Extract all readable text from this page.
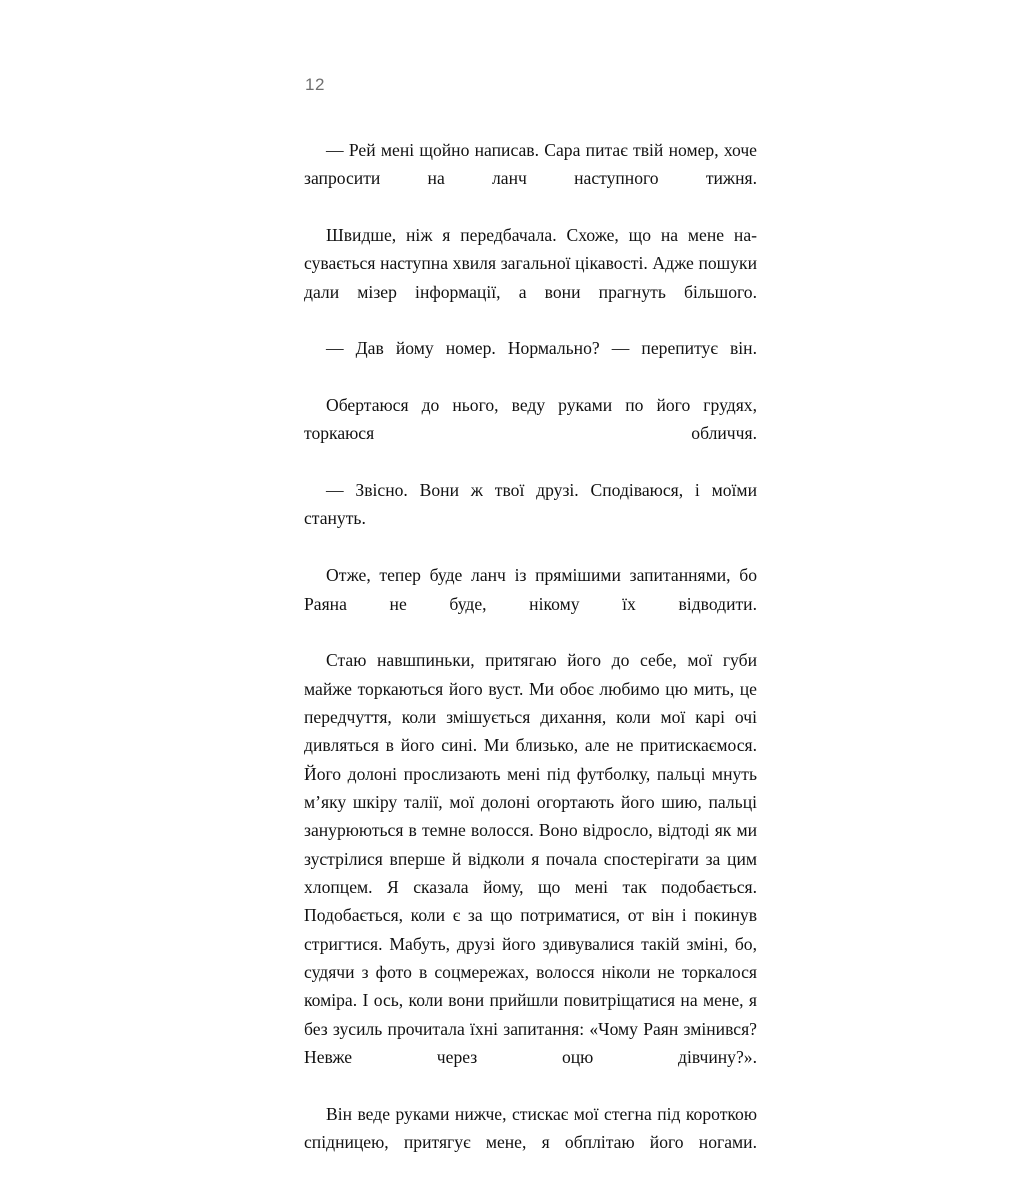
12

— Рей мені щойно написав. Сара питає твій номер, хоче запросити на ланч наступного тижня.

Швидше, ніж я передбачала. Схоже, що на мене насувається наступна хвиля загальної цікавості. Адже пошуки дали мізер інформації, а вони прагнуть більшого.

— Дав йому номер. Нормально? — перепитує він.

Обертаюся до нього, веду руками по його грудях, торкаюся обличчя.

— Звісно. Вони ж твої друзі. Сподіваюся, і моїми стануть.

Отже, тепер буде ланч із прямішими запитаннями, бо Раяна не буде, нікому їх відводити.

Стаю навшпиньки, притягаю його до себе, мої губи майже торкаються його вуст. Ми обоє любимо цю мить, це передчуття, коли змішується дихання, коли мої карі очі дивляться в його сині. Ми близько, але не притискаємося. Його долоні прослизають мені під футболку, пальці мнуть м’яку шкіру талії, мої долоні огортають його шию, пальці занурюються в темне волосся. Воно відросло, відтоді як ми зустрілися вперше й відколи я почала спостерігати за цим хлопцем. Я сказала йому, що мені так подобається. Подобається, коли є за що потриматися, от він і покинув стригтися. Мабуть, друзі його здивувалися такій зміні, бо, судячи з фото в соцмережах, волосся ніколи не торкалося коміра. І ось, коли вони прийшли повитріщатися на мене, я без зусиль прочитала їхні запитання: «Чому Раян змінився? Невже через оцю дівчину?».

Він веде руками нижче, стискає мої стегна під короткою спідницею, притягує мене, я обплітаю його ногами.
